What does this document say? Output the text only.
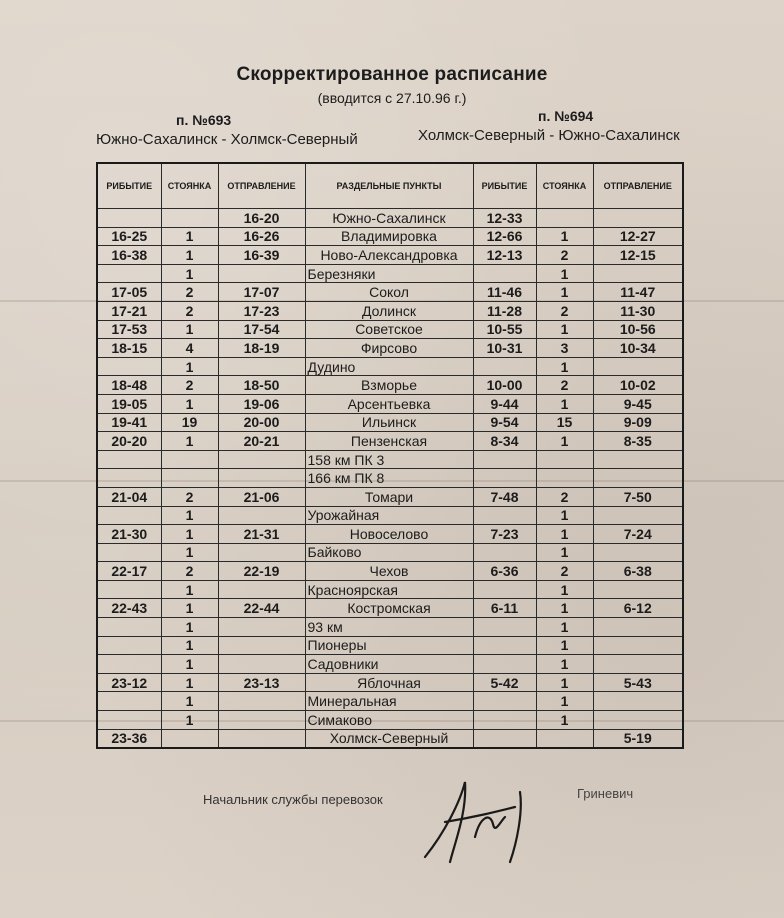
Скорректированное расписание
(вводится с 27.10.96 г.)
п. №693	п. №694
Южно-Сахалинск - Холмск-Северный	Холмск-Северный - Южно-Сахалинск
РИБЫТИЕ	СТОЯНКА	ОТПРАВЛЕНИЕ	РАЗДЕЛЬНЫЕ ПУНКТЫ	РИБЫТИЕ	СТОЯНКА	ОТПРАВЛЕНИЕ
		16-20	Южно-Сахалинск	12-33		
16-25	1	16-26	Владимировка	12-66	1	12-27
16-38	1	16-39	Ново-Александровка	12-13	2	12-15
	1		Березняки		1	
17-05	2	17-07	Сокол	11-46	1	11-47
17-21	2	17-23	Долинск	11-28	2	11-30
17-53	1	17-54	Советское	10-55	1	10-56
18-15	4	18-19	Фирсово	10-31	3	10-34
	1		Дудино		1	
18-48	2	18-50	Взморье	10-00	2	10-02
19-05	1	19-06	Арсентьевка	9-44	1	9-45
19-41	19	20-00	Ильинск	9-54	15	9-09
20-20	1	20-21	Пензенская	8-34	1	8-35
			158 км ПК 3			
			166 км ПК 8			
21-04	2	21-06	Томари	7-48	2	7-50
	1		Урожайная		1	
21-30	1	21-31	Новоселово	7-23	1	7-24
	1		Байково		1	
22-17	2	22-19	Чехов	6-36	2	6-38
	1		Красноярская		1	
22-43	1	22-44	Костромская	6-11	1	6-12
	1		93 км		1	
	1		Пионеры		1	
	1		Садовники		1	
23-12	1	23-13	Яблочная	5-42	1	5-43
	1		Минеральная		1	
	1		Симаково		1	
23-36			Холмск-Северный			5-19
Начальник службы перевозок	Гриневич
